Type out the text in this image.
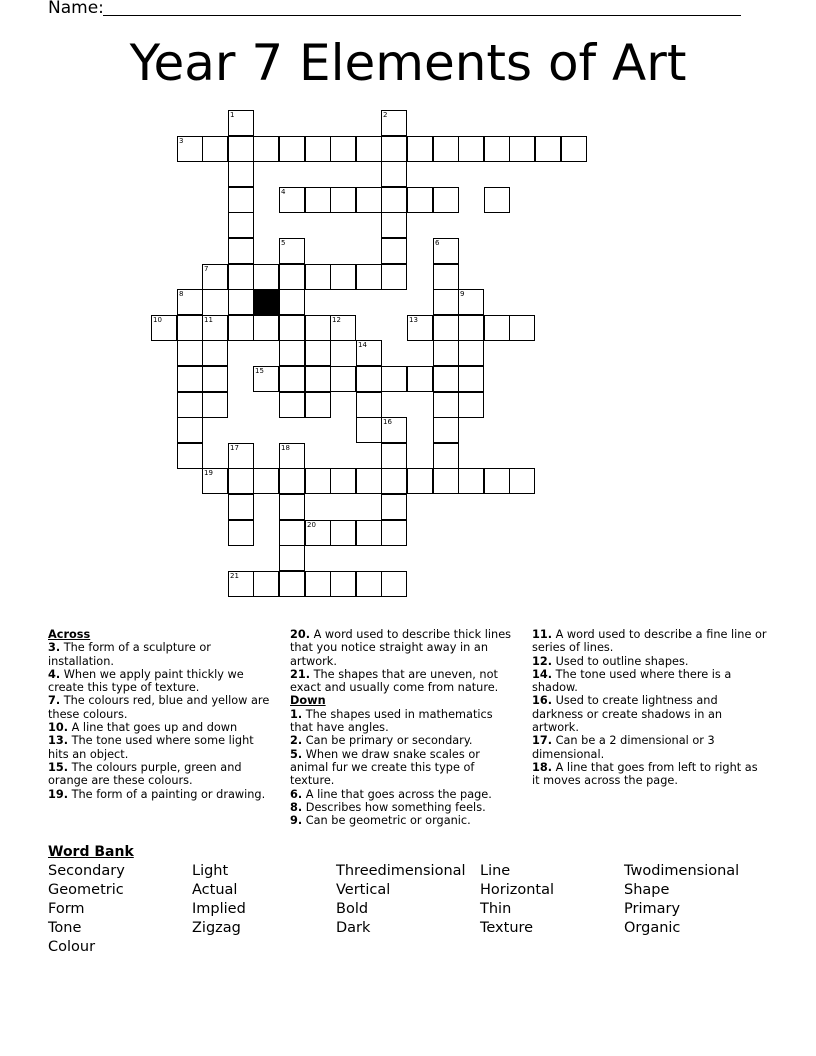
Name:
Year 7 Elements of Art
1	2
3
4
5	6
7
8	9
10	11	12	13
14
15
16
17	18
19
20
21
Across
3. The form of a sculpture or installation.
4. When we apply paint thickly we create this type of texture.
7. The colours red, blue and yellow are these colours.
10. A line that goes up and down
13. The tone used where some light hits an object.
15. The colours purple, green and orange are these colours.
19. The form of a painting or drawing.
20. A word used to describe thick lines that you notice straight away in an artwork.
21. The shapes that are uneven, not exact and usually come from nature.
Down
1. The shapes used in mathematics that have angles.
2. Can be primary or secondary.
5. When we draw snake scales or animal fur we create this type of texture.
6. A line that goes across the page.
8. Describes how something feels.
9. Can be geometric or organic.
11. A word used to describe a fine line or series of lines.
12. Used to outline shapes.
14. The tone used where there is a shadow.
16. Used to create lightness and darkness or create shadows in an artwork.
17. Can be a 2 dimensional or 3 dimensional.
18. A line that goes from left to right as it moves across the page.
Word Bank
Secondary
Geometric
Form
Tone
Colour
Light
Actual
Implied
Zigzag
Threedimensional
Vertical
Bold
Dark
Line
Horizontal
Thin
Texture
Twodimensional
Shape
Primary
Organic
